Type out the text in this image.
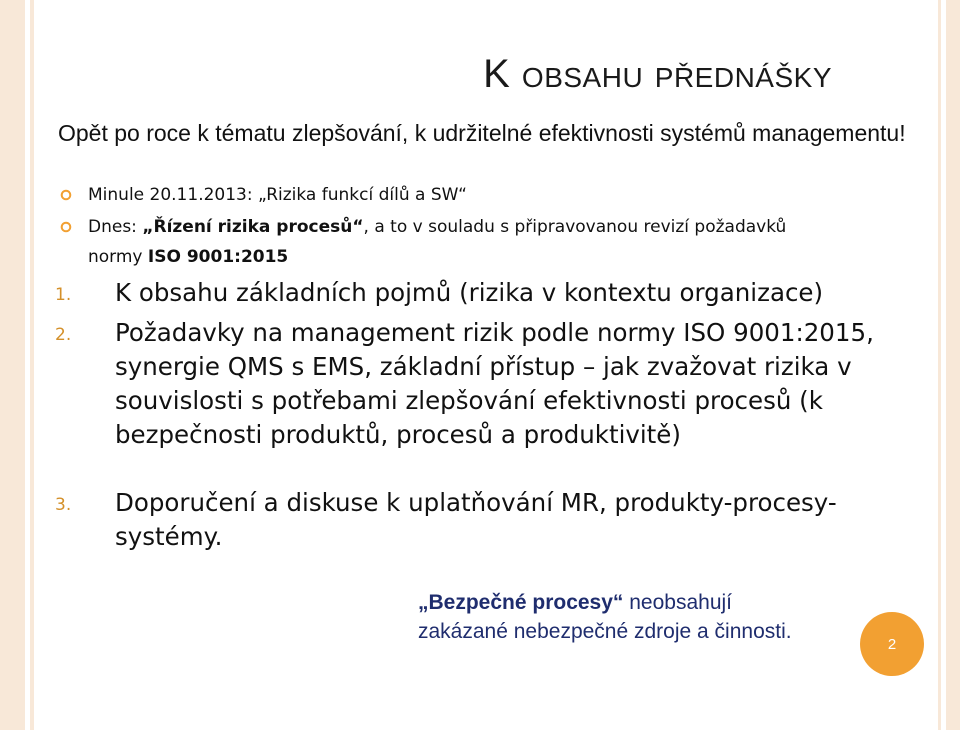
K obsahu přednášky
Opět po roce k tématu zlepšování, k udržitelné efektivnosti systémů managementu!
Minule 20.11.2013: „Rizika funkcí dílů a SW“
Dnes: „Řízení rizika procesů“, a to v souladu s připravovanou revizí požadavků
normy ISO 9001:2015
1. K obsahu základních pojmů (rizika v kontextu organizace)
2. Požadavky na management rizik podle normy ISO 9001:2015, synergie QMS s EMS, základní přístup – jak zvažovat rizika v souvislosti s potřebami zlepšování efektivnosti procesů (k bezpečnosti produktů, procesů a produktivitě)
3. Doporučení a diskuse k uplatňování MR, produkty-procesy-systémy.
„Bezpečné procesy“ neobsahují
zakázané nebezpečné zdroje a činnosti.
2
